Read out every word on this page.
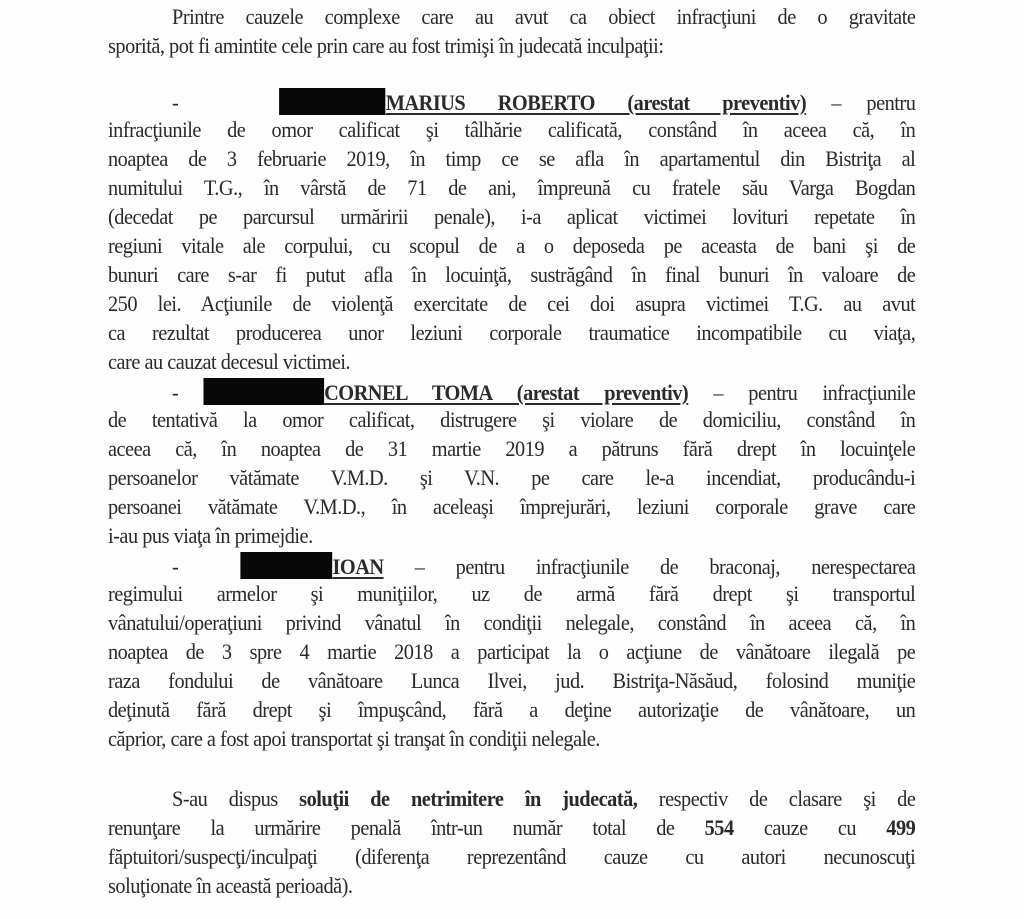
Printre cauzele complexe care au avut ca obiect infracţiuni de o gravitate
sporită, pot fi amintite cele prin care au fost trimişi în judecată inculpaţii:
-	MARIUS ROBERTO (arestat preventiv) – pentru
infracţiunile de omor calificat şi tâlhărie calificată, constând în aceea că, în
noaptea de 3 februarie 2019, în timp ce se afla în apartamentul din Bistriţa al
numitului T.G., în vârstă de 71 de ani, împreună cu fratele său Varga Bogdan
(decedat pe parcursul urmăririi penale), i-a aplicat victimei lovituri repetate în
regiuni vitale ale corpului, cu scopul de a o deposeda pe aceasta de bani şi de
bunuri care s-ar fi putut afla în locuinţă, sustrăgând în final bunuri în valoare de
250 lei. Acţiunile de violenţă exercitate de cei doi asupra victimei T.G. au avut
ca rezultat producerea unor leziuni corporale traumatice incompatibile cu viaţa,
care au cauzat decesul victimei.
-	CORNEL TOMA (arestat preventiv) – pentru infracţiunile
de tentativă la omor calificat, distrugere şi violare de domiciliu, constând în
aceea că, în noaptea de 31 martie 2019 a pătruns fără drept în locuinţele
persoanelor vătămate V.M.D. şi V.N. pe care le-a incendiat, producându-i
persoanei vătămate V.M.D., în aceleaşi împrejurări, leziuni corporale grave care
i-au pus viaţa în primejdie.
-	IOAN – pentru infracţiunile de braconaj, nerespectarea
regimului armelor şi muniţiilor, uz de armă fără drept şi transportul
vânatului/operaţiuni privind vânatul în condiţii nelegale, constând în aceea că, în
noaptea de 3 spre 4 martie 2018 a participat la o acţiune de vânătoare ilegală pe
raza fondului de vânătoare Lunca Ilvei, jud. Bistriţa-Năsăud, folosind muniţie
deţinută fără drept şi împuşcând, fără a deţine autorizaţie de vânătoare, un
căprior, care a fost apoi transportat şi tranşat în condiţii nelegale.
S-au dispus soluţii de netrimitere în judecată, respectiv de clasare şi de
renunţare la urmărire penală într-un număr total de 554 cauze cu 499
făptuitori/suspecţi/inculpaţi (diferenţa reprezentând cauze cu autori necunoscuţi
soluţionate în această perioadă).
